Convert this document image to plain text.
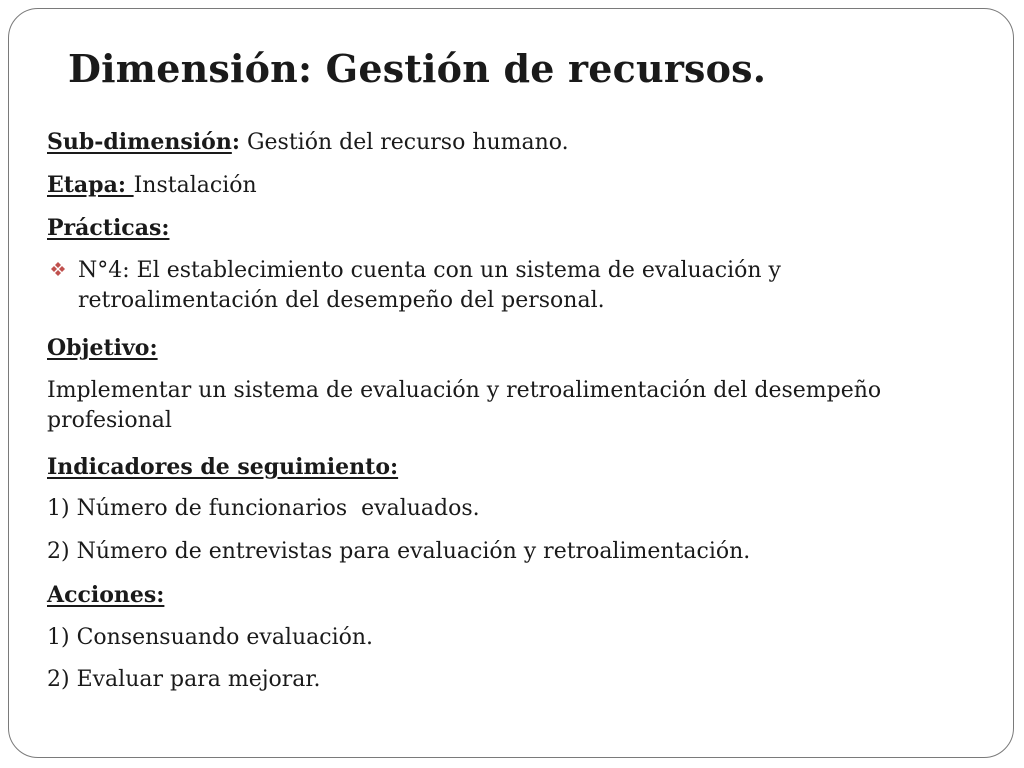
Dimensión: Gestión de recursos.
Sub-dimensión: Gestión del recurso humano.
Etapa: Instalación
Prácticas:
N°4: El establecimiento cuenta con un sistema de evaluación y retroalimentación del desempeño del personal.
Objetivo:
Implementar un sistema de evaluación y retroalimentación del desempeño profesional
Indicadores de seguimiento:
1) Número de funcionarios  evaluados.
2) Número de entrevistas para evaluación y retroalimentación.
Acciones:
1) Consensuando evaluación.
2) Evaluar para mejorar.
